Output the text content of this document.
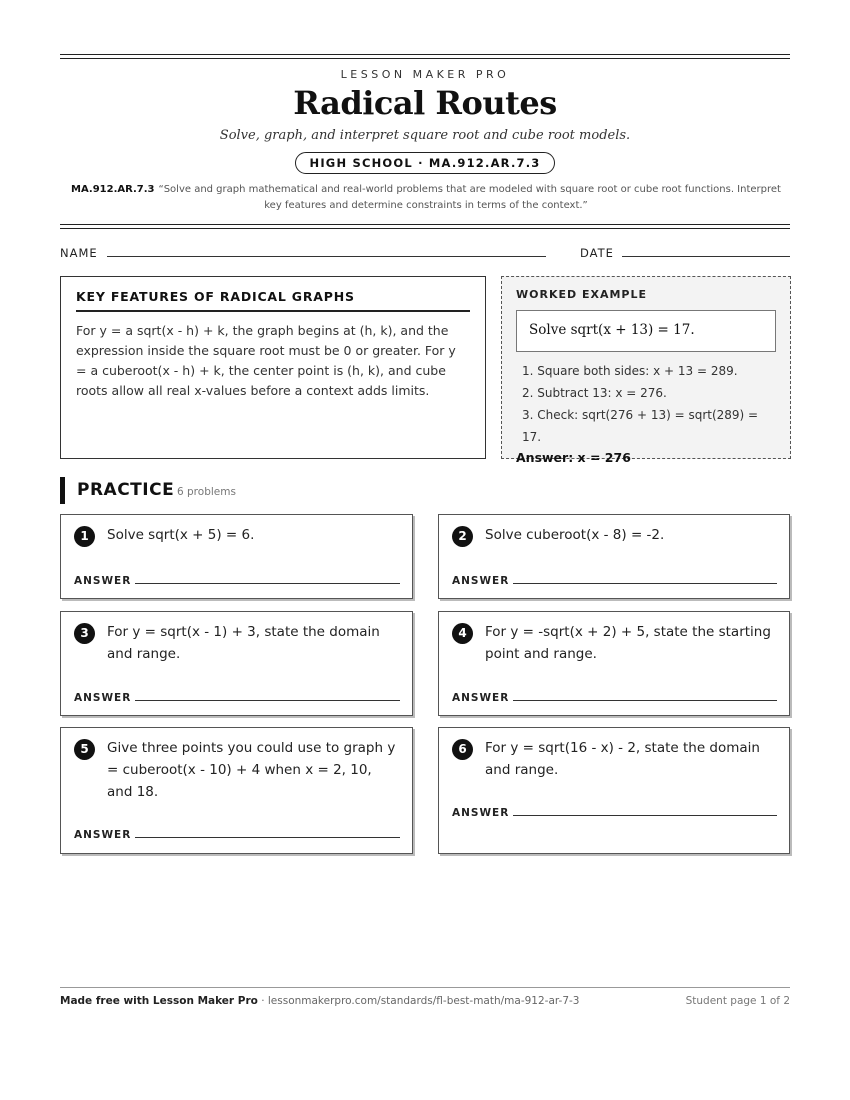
LESSON MAKER PRO
Radical Routes
Solve, graph, and interpret square root and cube root models.
HIGH SCHOOL · MA.912.AR.7.3
MA.912.AR.7.3 “Solve and graph mathematical and real-world problems that are modeled with square root or cube root functions. Interpret key features and determine constraints in terms of the context.”
NAME	DATE
KEY FEATURES OF RADICAL GRAPHS
For y = a sqrt(x - h) + k, the graph begins at (h, k), and the expression inside the square root must be 0 or greater. For y = a cuberoot(x - h) + k, the center point is (h, k), and cube roots allow all real x-values before a context adds limits.
WORKED EXAMPLE
Solve sqrt(x + 13) = 17.
1. Square both sides: x + 13 = 289.
2. Subtract 13: x = 276.
3. Check: sqrt(276 + 13) = sqrt(289) = 17.
Answer: x = 276
PRACTICE 6 problems
1	Solve sqrt(x + 5) = 6.
ANSWER
2	Solve cuberoot(x - 8) = -2.
ANSWER
3	For y = sqrt(x - 1) + 3, state the domain and range.
ANSWER
4	For y = -sqrt(x + 2) + 5, state the starting point and range.
ANSWER
5	Give three points you could use to graph y = cuberoot(x - 10) + 4 when x = 2, 10, and 18.
ANSWER
6	For y = sqrt(16 - x) - 2, state the domain and range.
ANSWER
Made free with Lesson Maker Pro · lessonmakerpro.com/standards/fl-best-math/ma-912-ar-7-3	Student page 1 of 2
